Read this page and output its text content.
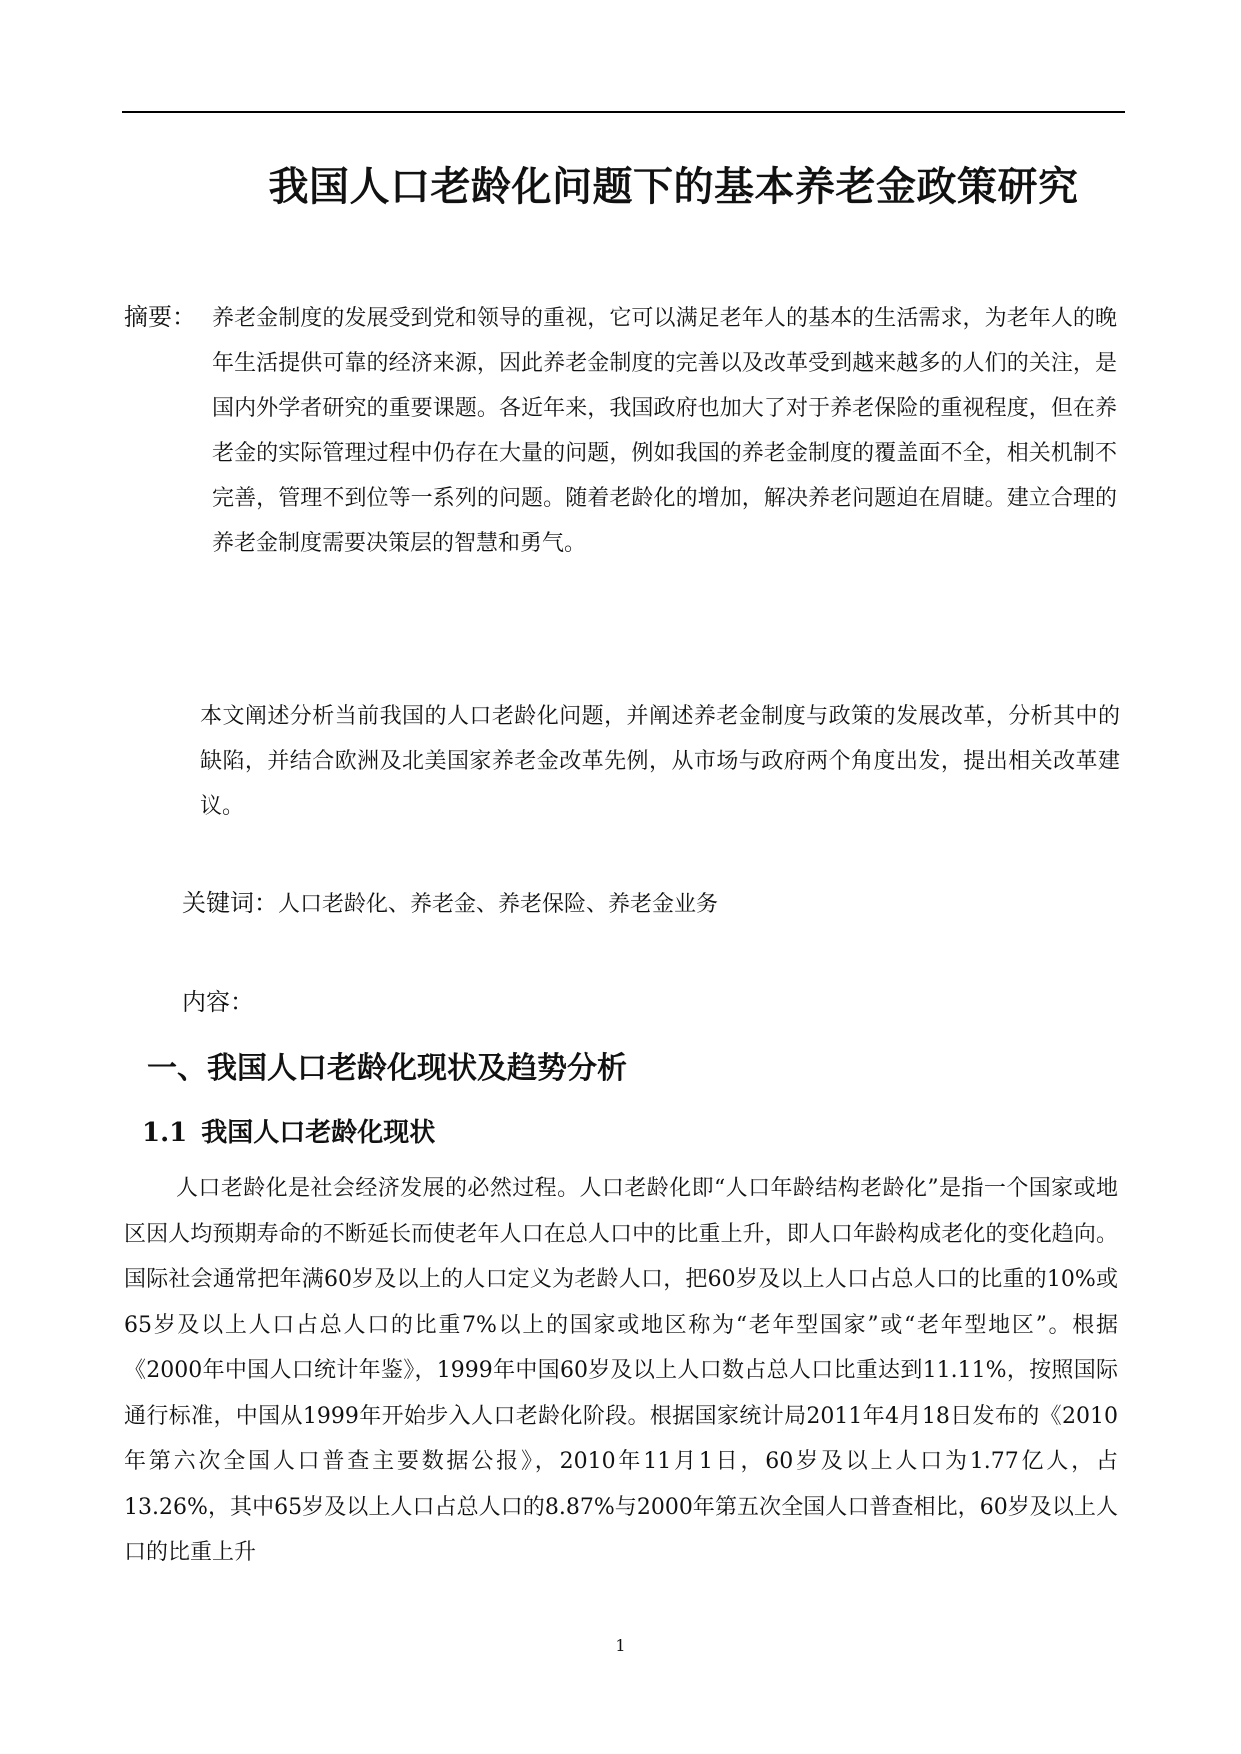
我国人口老龄化问题下的基本养老金政策研究
摘要： 养老金制度的发展受到党和领导的重视，它可以满足老年人的基本的生活需求，为老年人的晚年生活提供可靠的经济来源，因此养老金制度的完善以及改革受到越来越多的人们的关注，是国内外学者研究的重要课题。各近年来，我国政府也加大了对于养老保险的重视程度，但在养老金的实际管理过程中仍存在大量的问题，例如我国的养老金制度的覆盖面不全，相关机制不完善，管理不到位等一系列的问题。随着老龄化的增加，解决养老问题迫在眉睫。建立合理的养老金制度需要决策层的智慧和勇气。

本文阐述分析当前我国的人口老龄化问题，并阐述养老金制度与政策的发展改革，分析其中的缺陷，并结合欧洲及北美国家养老金改革先例，从市场与政府两个角度出发，提出相关改革建议。

关键词：人口老龄化、养老金、养老保险、养老金业务

内容：

一、我国人口老龄化现状及趋势分析
1.1 我国人口老龄化现状

人口老龄化是社会经济发展的必然过程。人口老龄化即“人口年龄结构老龄化”是指一个国家或地区因人均预期寿命的不断延长而使老年人口在总人口中的比重上升，即人口年龄构成老化的变化趋向。国际社会通常把年满60岁及以上的人口定义为老龄人口，把60岁及以上人口占总人口的比重的10%或65岁及以上人口占总人口的比重7%以上的国家或地区称为“老年型国家”或“老年型地区”。根据《2000年中国人口统计年鉴》，1999年中国60岁及以上人口数占总人口比重达到11.11%，按照国际通行标准，中国从1999年开始步入人口老龄化阶段。根据国家统计局2011年4月18日发布的《2010年第六次全国人口普查主要数据公报》，2010年11月1日，60岁及以上人口为1.77亿人，占13.26%，其中65岁及以上人口占总人口的8.87%与2000年第五次全国人口普查相比，60岁及以上人口的比重上升

1
